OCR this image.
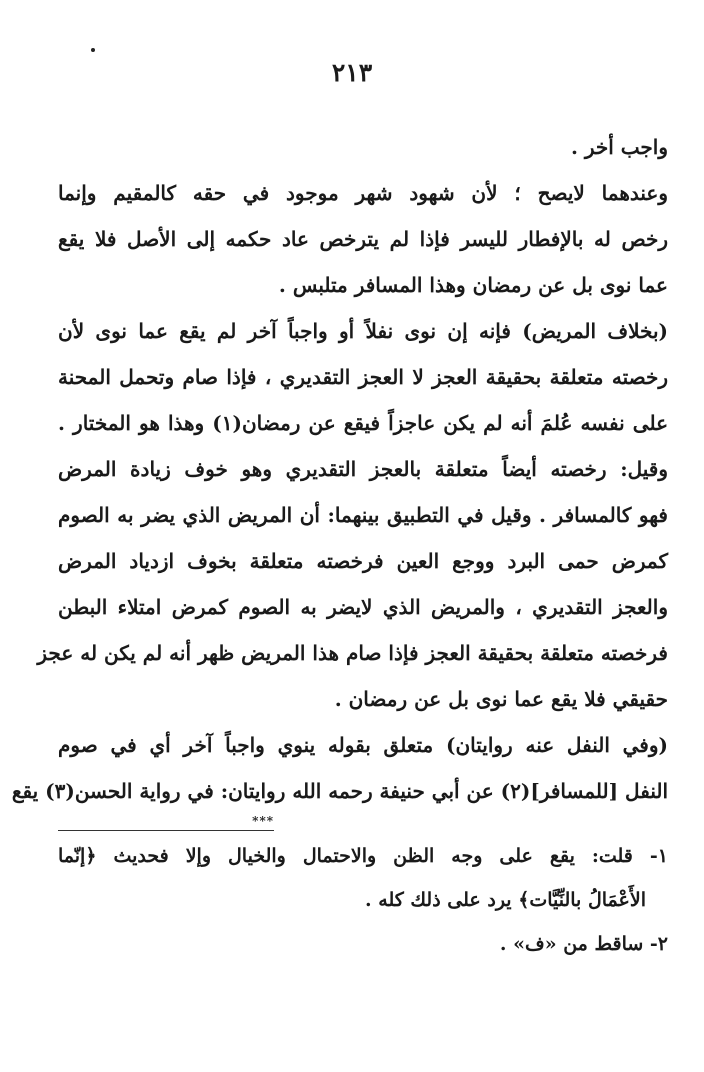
٢١٣
واجب أخر .
وعندهما لايصح ؛ لأن شهود شهر موجود في حقه كالمقيم وإنما
رخص له بالإفطار لليسر فإذا لم يترخص عاد حكمه إلى الأصل فلا يقع
عما نوى بل عن رمضان وهذا المسافر متلبس .
(بخلاف المريض) فإنه إن نوى نفلاً أو واجباً آخر لم يقع عما نوى لأن
رخصته متعلقة بحقيقة العجز لا العجز التقديري ، فإذا صام وتحمل المحنة
على نفسه عُلمَ أنه لم يكن عاجزاً فيقع عن رمضان(١) وهذا هو المختار .
وقيل: رخصته أيضاً متعلقة بالعجز التقديري وهو خوف زيادة المرض
فهو كالمسافر . وقيل في التطبيق بينهما: أن المريض الذي يضر به الصوم
كمرض حمى البرد ووجع العين فرخصته متعلقة بخوف ازدياد المرض
والعجز التقديري ، والمريض الذي لايضر به الصوم كمرض امتلاء البطن
فرخصته متعلقة بحقيقة العجز فإذا صام هذا المريض ظهر أنه لم يكن له عجز
حقيقي فلا يقع عما نوى بل عن رمضان .
(وفي النفل عنه روايتان) متعلق بقوله ينوي واجباً آخر أي في صوم
النفل [للمسافر](٢) عن أبي حنيفة رحمه الله روايتان: في رواية الحسن(٣) يقع
***
١- قلت: يقع على وجه الظن والاحتمال والخيال وإلا فحديث ﴿إنّما
الأَعْمَالُ بالنِّيَّات﴾ يرد على ذلك كله .
٢- ساقط من «ف» .
